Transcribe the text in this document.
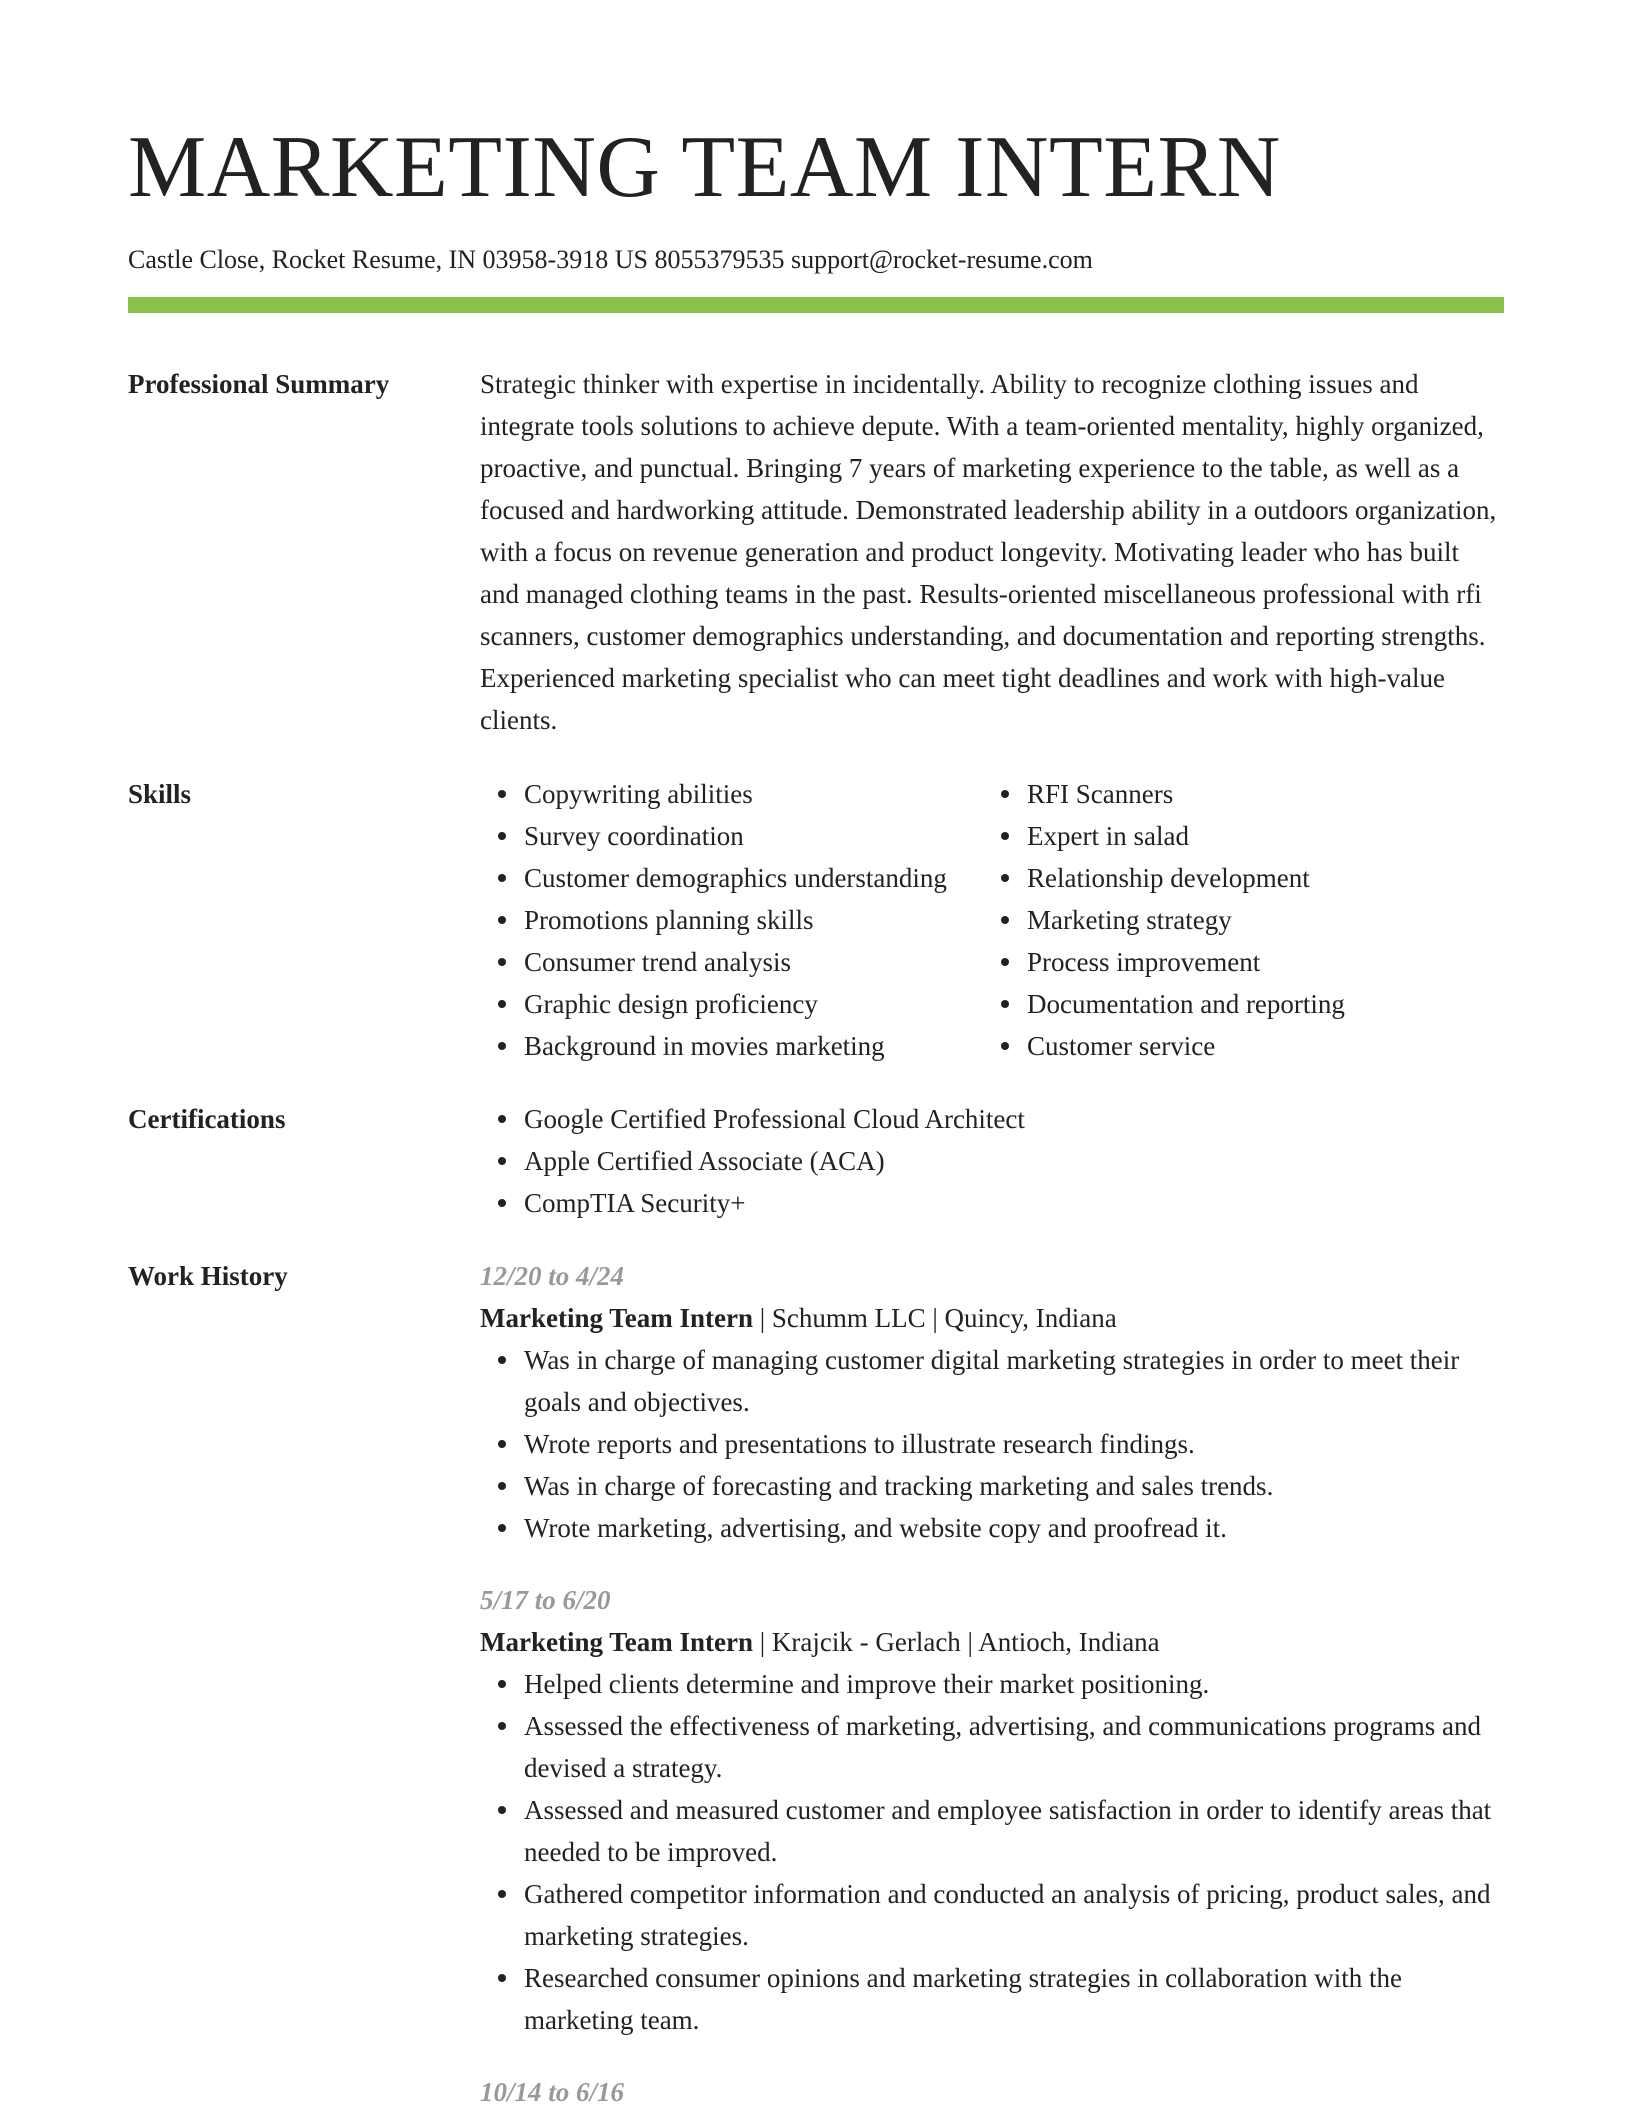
MARKETING TEAM INTERN
Castle Close, Rocket Resume, IN 03958-3918 US 8055379535 support@rocket-resume.com
Professional Summary	Strategic thinker with expertise in incidentally. Ability to recognize clothing issues and integrate tools solutions to achieve depute. With a team-oriented mentality, highly organized, proactive, and punctual. Bringing 7 years of marketing experience to the table, as well as a focused and hardworking attitude. Demonstrated leadership ability in a outdoors organization, with a focus on revenue generation and product longevity. Motivating leader who has built and managed clothing teams in the past. Results-oriented miscellaneous professional with rfi scanners, customer demographics understanding, and documentation and reporting strengths. Experienced marketing specialist who can meet tight deadlines and work with high-value clients.

Skills	Copywriting abilities
Survey coordination
Customer demographics understanding
Promotions planning skills
Consumer trend analysis
Graphic design proficiency
Background in movies marketing
RFI Scanners
Expert in salad
Relationship development
Marketing strategy
Process improvement
Documentation and reporting
Customer service
Certifications	Google Certified Professional Cloud Architect
Apple Certified Associate (ACA)
CompTIA Security+
Work History	12/20 to 4/24

Marketing Team Intern | Schumm LLC | Quincy, Indiana

Was in charge of managing customer digital marketing strategies in order to meet their goals and objectives.
Wrote reports and presentations to illustrate research findings.
Was in charge of forecasting and tracking marketing and sales trends.
Wrote marketing, advertising, and website copy and proofread it.
5/17 to 6/20

Marketing Team Intern | Krajcik - Gerlach | Antioch, Indiana

Helped clients determine and improve their market positioning.
Assessed the effectiveness of marketing, advertising, and communications programs and devised a strategy.
Assessed and measured customer and employee satisfaction in order to identify areas that needed to be improved.
Gathered competitor information and conducted an analysis of pricing, product sales, and marketing strategies.
Researched consumer opinions and marketing strategies in collaboration with the marketing team.
10/14 to 6/16
